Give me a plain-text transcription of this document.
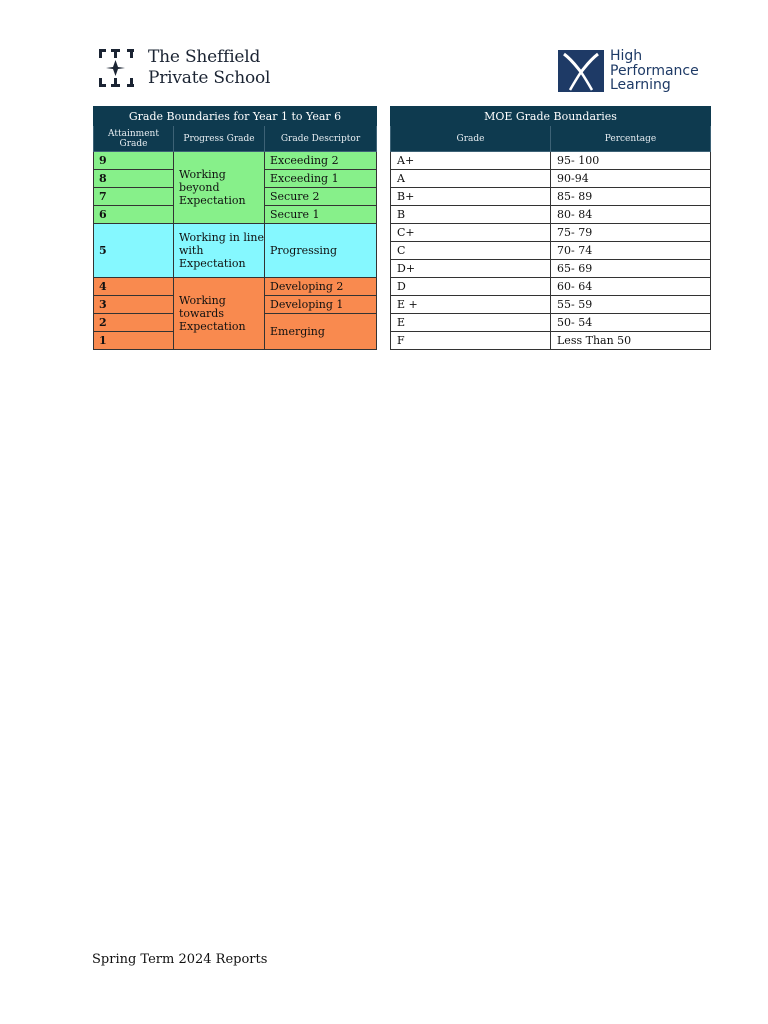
The Sheffield
Private School
High
Performance
Learning
Grade Boundaries for Year 1 to Year 6		
Attainment Grade	Progress Grade	Grade Descriptor
9	Working beyond Expectation	Exceeding 2
8		Exceeding 1
7		Secure 2
6		Secure 1
5	Working in line with Expectation	Progressing
4	Working towards Expectation	Developing 2
3		Developing 1
2		Emerging
1		
MOE Grade Boundaries	
Grade	Percentage
A+	95- 100
A	90-94
B+	85- 89
B	80- 84
C+	75- 79
C	70- 74
D+	65- 69
D	60- 64
E +	55- 59
E	50- 54
F	Less Than 50
Spring Term 2024 Reports
